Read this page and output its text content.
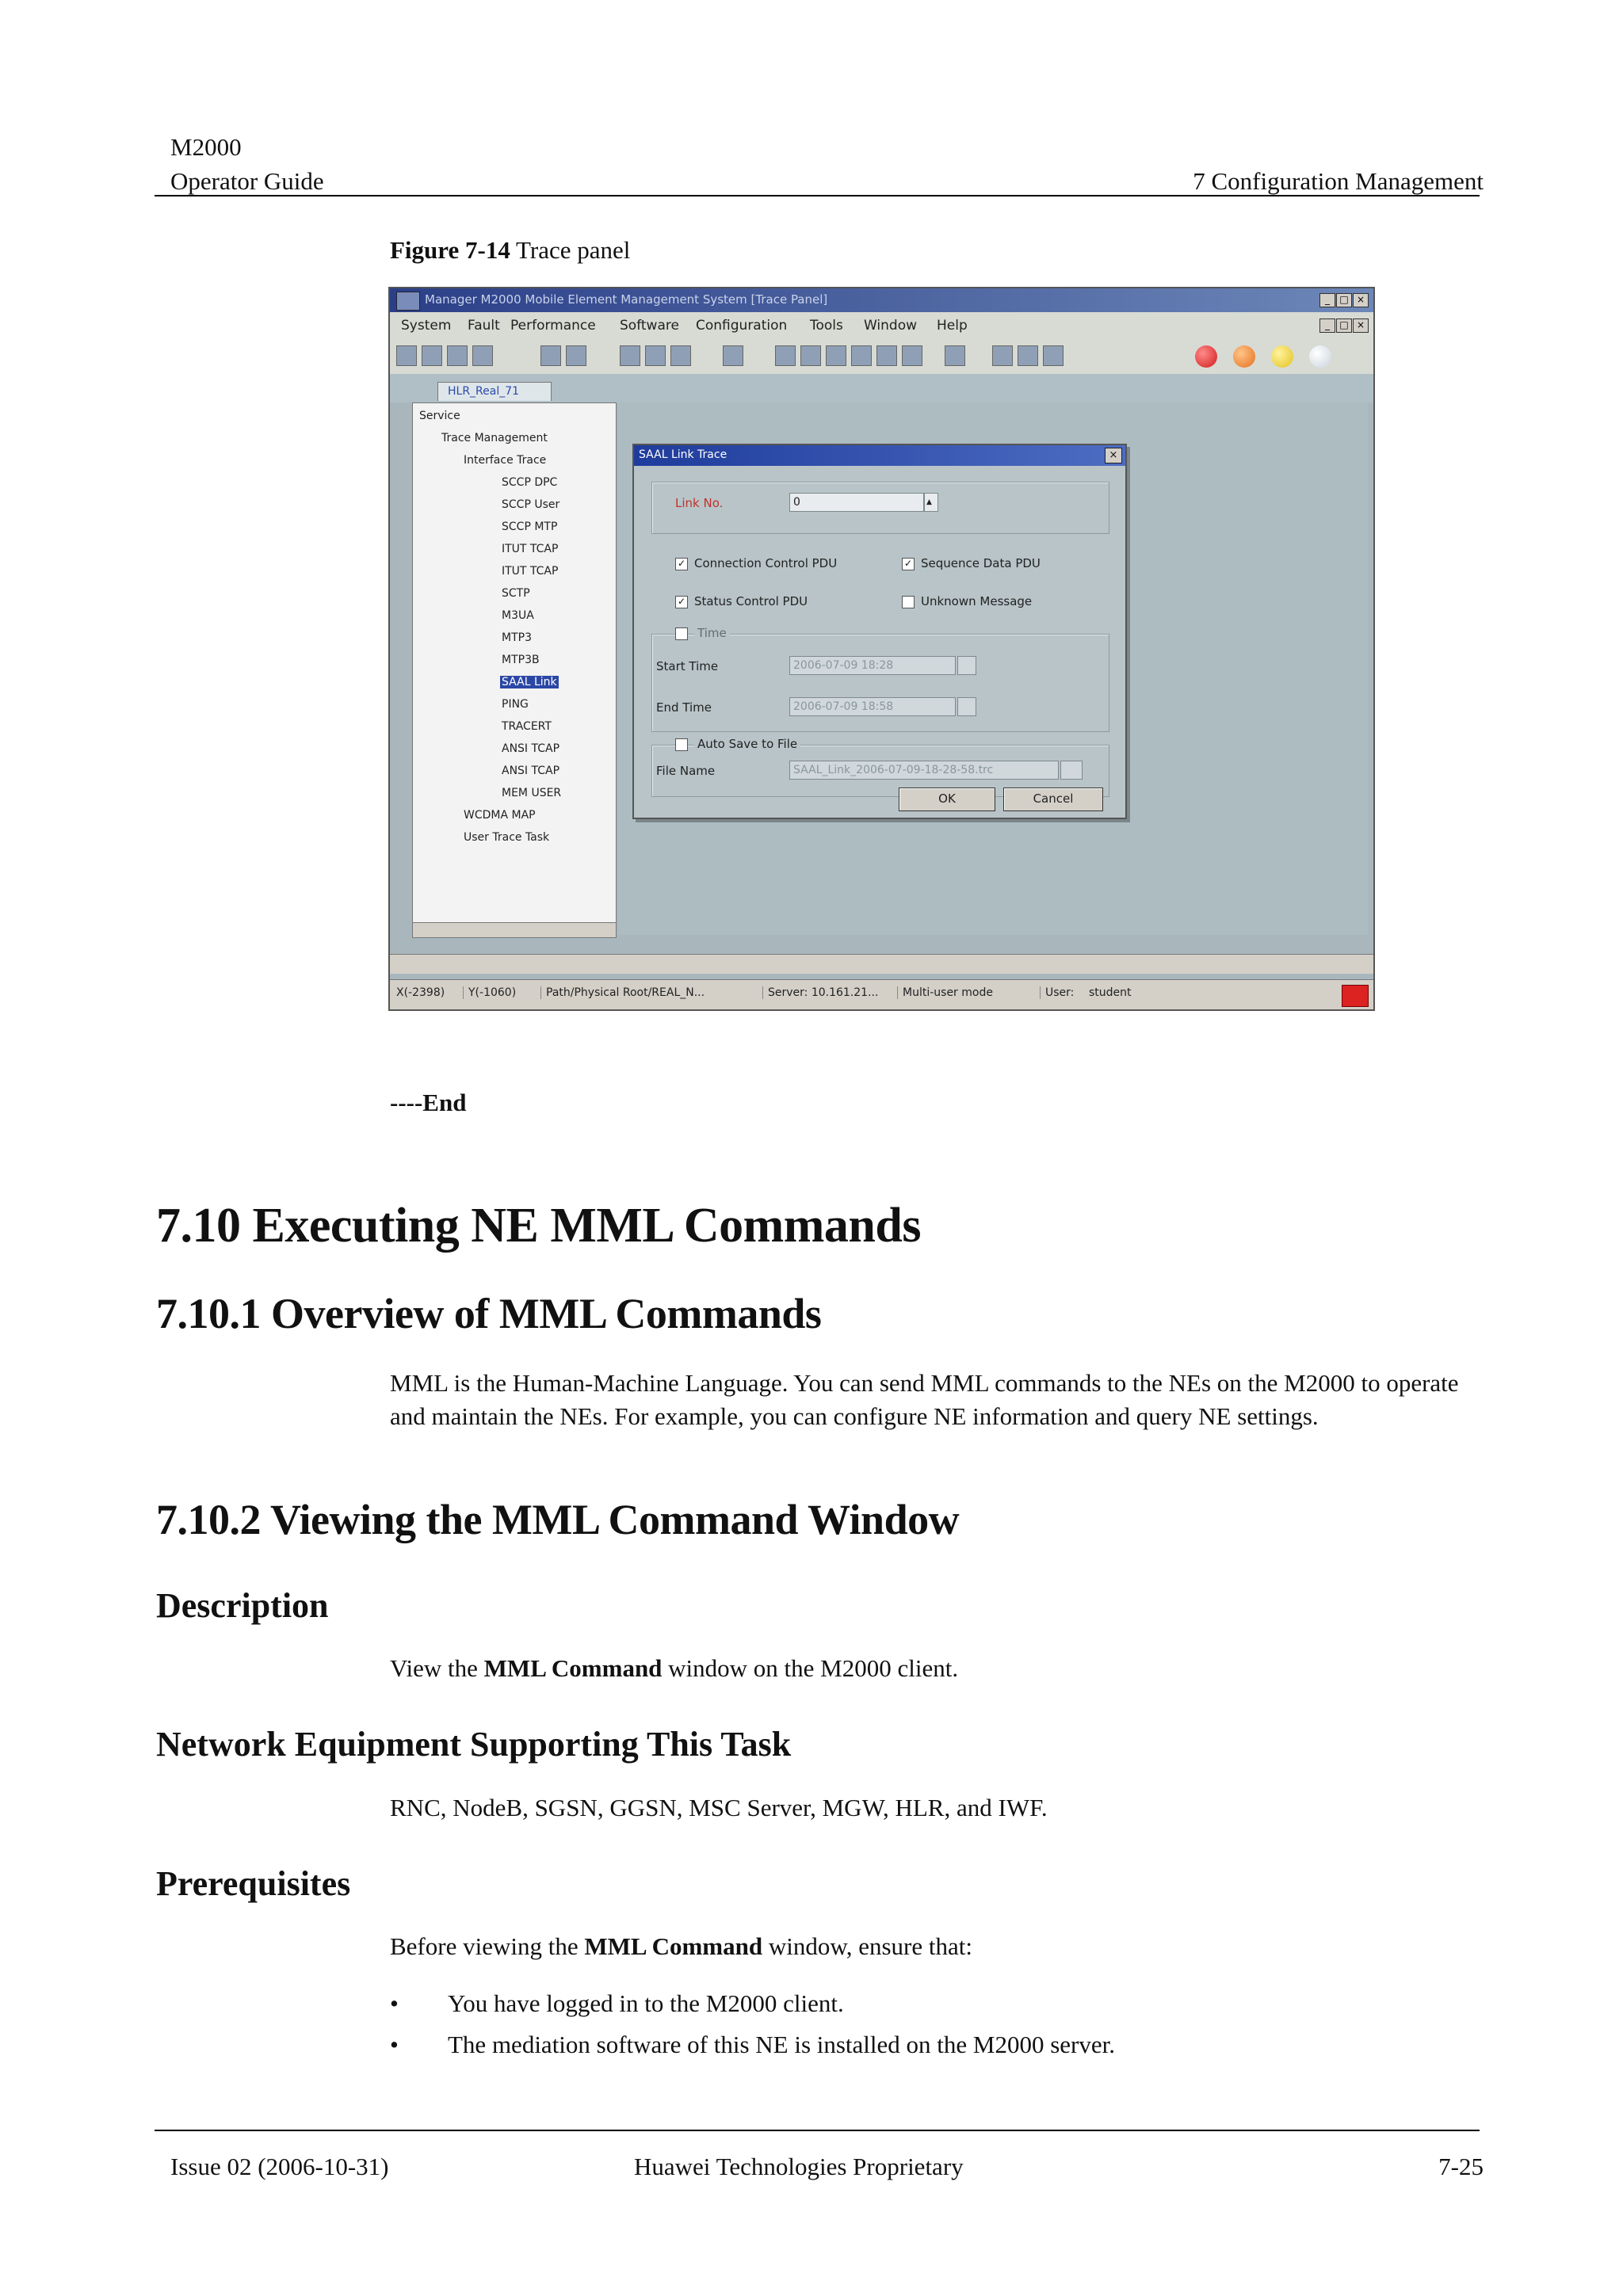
M2000
Operator Guide	7 Configuration Management
Figure 7-14 Trace panel
Manager M2000 Mobile Element Management System [Trace Panel]	_	□ ×
System Fault Performance Software Configuration Tools Window Help	_	□ ×
HLR_Real_71
Service
Trace Management
Interface Trace
SCCP DPC
SCCP User
SCCP MTP
ITUT TCAP
ITUT TCAP
SCTP
M3UA
MTP3
MTP3B
SAAL Link
PING
TRACERT
ANSI TCAP
ANSI TCAP
MEM USER
WCDMA MAP
User Trace Task
SAAL Link Trace	×
Link No.	0	▲
✓ Connection Control PDU	✓ Sequence Data PDU
✓ Status Control PDU	Unknown Message
Time
Start Time	2006-07-09 18:28
End Time	2006-07-09 18:58
Auto Save to File
File Name	SAAL_Link_2006-07-09-18-28-58.trc
OK	Cancel
X(-2398)	Y(-1060)	Path/Physical Root/REAL_N...	Server: 10.161.21...	Multi-user mode	User:	student
----End
7.10 Executing NE MML Commands
7.10.1 Overview of MML Commands
MML is the Human-Machine Language. You can send MML commands to the NEs on the M2000 to operate and maintain the NEs. For example, you can configure NE information and query NE settings.
7.10.2 Viewing the MML Command Window
Description
View the MML Command window on the M2000 client.
Network Equipment Supporting This Task
RNC, NodeB, SGSN, GGSN, MSC Server, MGW, HLR, and IWF.
Prerequisites
Before viewing the MML Command window, ensure that:
•	You have logged in to the M2000 client.
•	The mediation software of this NE is installed on the M2000 server.
Issue 02 (2006-10-31)	Huawei Technologies Proprietary	7-25
